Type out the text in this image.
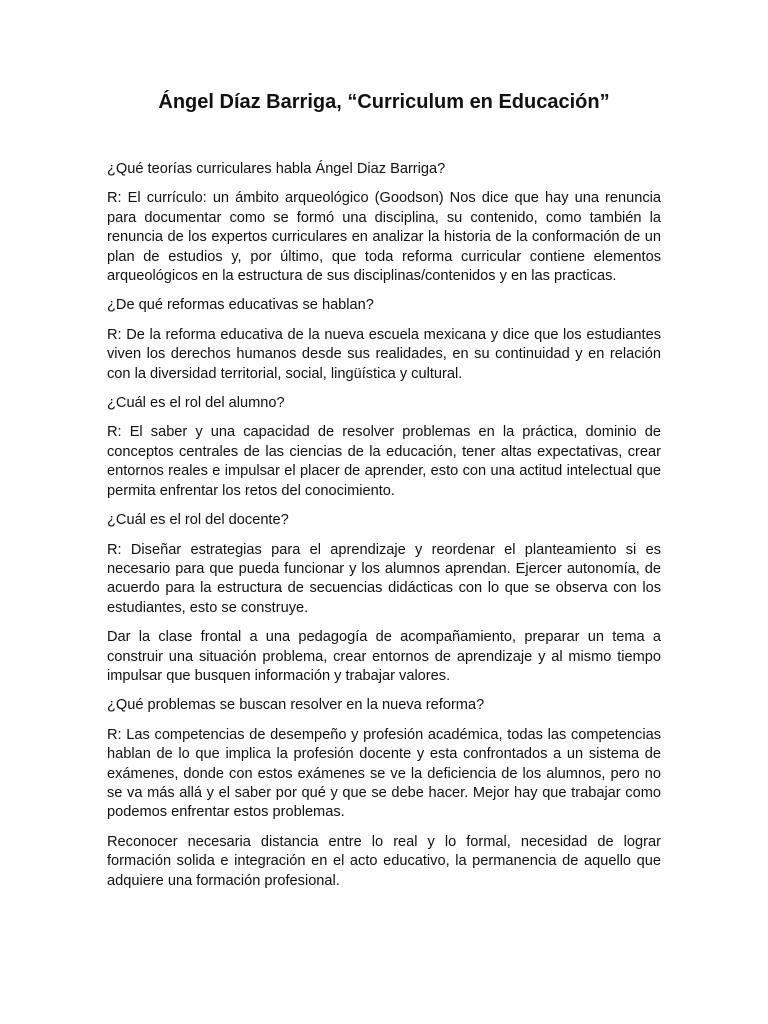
Ángel Díaz Barriga, “Curriculum en Educación”

¿Qué teorías curriculares habla Ángel Diaz Barriga?

R: El currículo: un ámbito arqueológico (Goodson) Nos dice que hay una renuncia para documentar como se formó una disciplina, su contenido, como también la renuncia de los expertos curriculares en analizar la historia de la conformación de un plan de estudios y, por último, que toda reforma curricular contiene elementos arqueológicos en la estructura de sus disciplinas/contenidos y en las practicas.

¿De qué reformas educativas se hablan?

R: De la reforma educativa de la nueva escuela mexicana y dice que los estudiantes viven los derechos humanos desde sus realidades, en su continuidad y en relación con la diversidad territorial, social, lingüística y cultural.

¿Cuál es el rol del alumno?

R: El saber y una capacidad de resolver problemas en la práctica, dominio de conceptos centrales de las ciencias de la educación, tener altas expectativas, crear entornos reales e impulsar el placer de aprender, esto con una actitud intelectual que permita enfrentar los retos del conocimiento.

¿Cuál es el rol del docente?

R: Diseñar estrategias para el aprendizaje y reordenar el planteamiento si es necesario para que pueda funcionar y los alumnos aprendan. Ejercer autonomía, de acuerdo para la estructura de secuencias didácticas con lo que se observa con los estudiantes, esto se construye.

Dar la clase frontal a una pedagogía de acompañamiento, preparar un tema a construir una situación problema, crear entornos de aprendizaje y al mismo tiempo impulsar que busquen información y trabajar valores.

¿Qué problemas se buscan resolver en la nueva reforma?

R: Las competencias de desempeño y profesión académica, todas las competencias hablan de lo que implica la profesión docente y esta confrontados a un sistema de exámenes, donde con estos exámenes se ve la deficiencia de los alumnos, pero no se va más allá y el saber por qué y que se debe hacer. Mejor hay que trabajar como podemos enfrentar estos problemas.

Reconocer necesaria distancia entre lo real y lo formal, necesidad de lograr formación solida e integración en el acto educativo, la permanencia de aquello que adquiere una formación profesional.
